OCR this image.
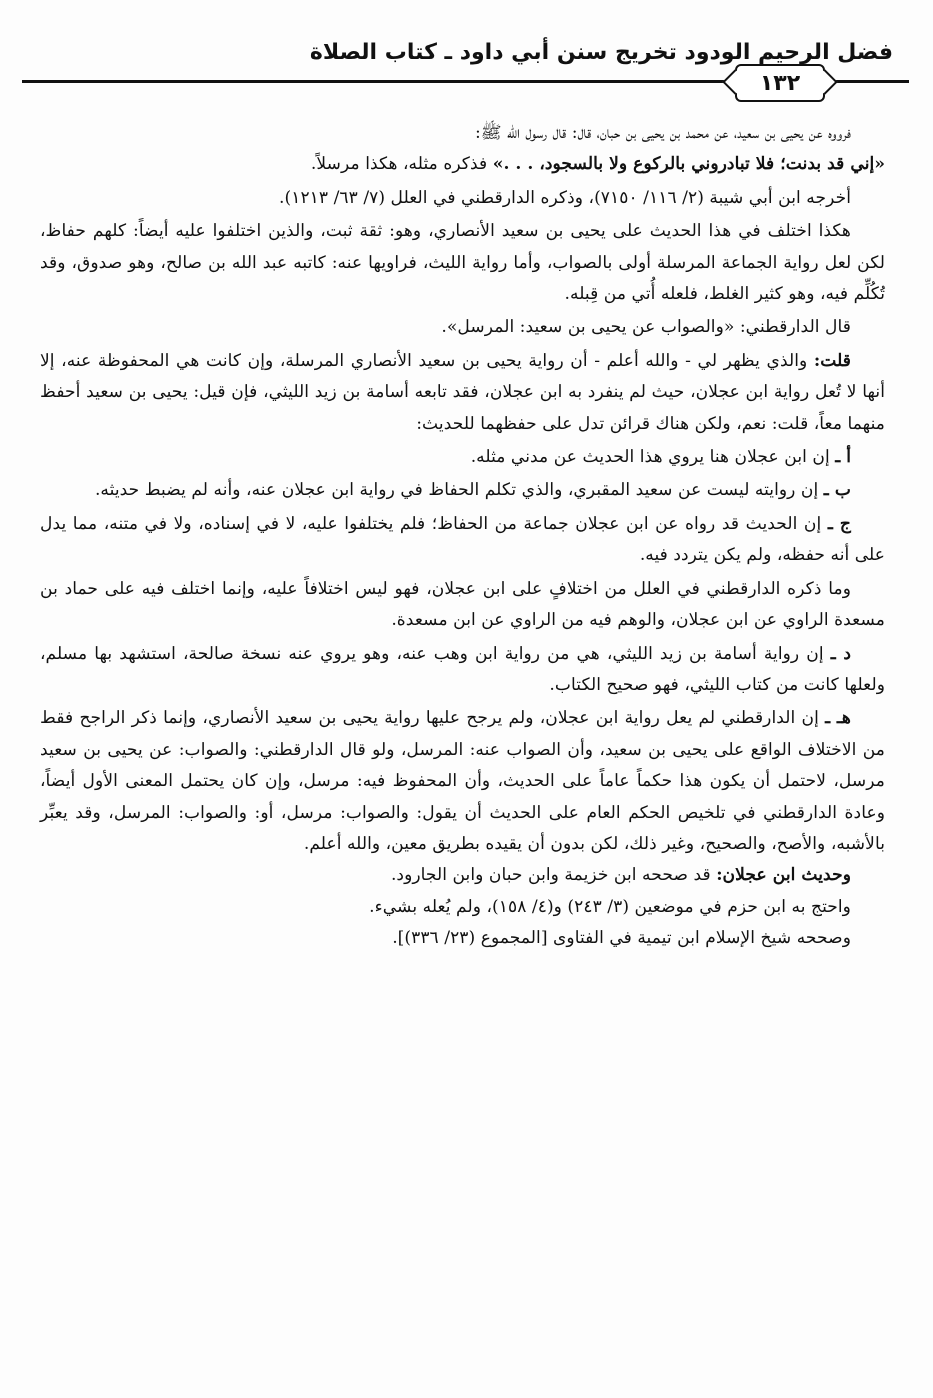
فضل الرحيم الودود تخريج سنن أبي داود ـ كتاب الصلاة
١٣٢

فرووه عن يحيى بن سعيد، عن محمد بن يحيى بن حبان، قال: قال رسول الله ﷺ:

«إني قد بدنت؛ فلا تبادروني بالركوع ولا بالسجود، . . .» فذكره مثله، هكذا مرسلاً.

أخرجه ابن أبي شيبة (٢/ ١١٦/ ٧١٥٠)، وذكره الدارقطني في العلل (٧/ ٦٣/ ١٢١٣).

هكذا اختلف في هذا الحديث على يحيى بن سعيد الأنصاري، وهو: ثقة ثبت، والذين اختلفوا عليه أيضاً: كلهم حفاظ، لكن لعل رواية الجماعة المرسلة أولى بالصواب، وأما رواية الليث، فراويها عنه: كاتبه عبد الله بن صالح، وهو صدوق، وقد تُكُلِّم فيه، وهو كثير الغلط، فلعله أُتي من قِبله.

قال الدارقطني: «والصواب عن يحيى بن سعيد: المرسل».

قلت: والذي يظهر لي - والله أعلم - أن رواية يحيى بن سعيد الأنصاري المرسلة، وإن كانت هي المحفوظة عنه، إلا أنها لا تُعل رواية ابن عجلان، حيث لم ينفرد به ابن عجلان، فقد تابعه أسامة بن زيد الليثي، فإن قيل: يحيى بن سعيد أحفظ منهما معاً، قلت: نعم، ولكن هناك قرائن تدل على حفظهما للحديث:

أ ـ إن ابن عجلان هنا يروي هذا الحديث عن مدني مثله.

ب ـ إن روايته ليست عن سعيد المقبري، والذي تكلم الحفاظ في رواية ابن عجلان عنه، وأنه لم يضبط حديثه.

ج ـ إن الحديث قد رواه عن ابن عجلان جماعة من الحفاظ؛ فلم يختلفوا عليه، لا في إسناده، ولا في متنه، مما يدل على أنه حفظه، ولم يكن يتردد فيه.

وما ذكره الدارقطني في العلل من اختلافٍ على ابن عجلان، فهو ليس اختلافاً عليه، وإنما اختلف فيه على حماد بن مسعدة الراوي عن ابن عجلان، والوهم فيه من الراوي عن ابن مسعدة.

د ـ إن رواية أسامة بن زيد الليثي، هي من رواية ابن وهب عنه، وهو يروي عنه نسخة صالحة، استشهد بها مسلم، ولعلها كانت من كتاب الليثي، فهو صحيح الكتاب.

هـ ـ إن الدارقطني لم يعل رواية ابن عجلان، ولم يرجح عليها رواية يحيى بن سعيد الأنصاري، وإنما ذكر الراجح فقط من الاختلاف الواقع على يحيى بن سعيد، وأن الصواب عنه: المرسل، ولو قال الدارقطني: والصواب: عن يحيى بن سعيد مرسل، لاحتمل أن يكون هذا حكماً عاماً على الحديث، وأن المحفوظ فيه: مرسل، وإن كان يحتمل المعنى الأول أيضاً، وعادة الدارقطني في تلخيص الحكم العام على الحديث أن يقول: والصواب: مرسل، أو: والصواب: المرسل، وقد يعبِّر بالأشبه، والأصح، والصحيح، وغير ذلك، لكن بدون أن يقيده بطريق معين، والله أعلم.

وحديث ابن عجلان: قد صححه ابن خزيمة وابن حبان وابن الجارود.

واحتج به ابن حزم في موضعين (٣/ ٢٤٣) و(٤/ ١٥٨)، ولم يُعله بشيء.

وصححه شيخ الإسلام ابن تيمية في الفتاوى [المجموع (٢٣/ ٣٣٦)].
